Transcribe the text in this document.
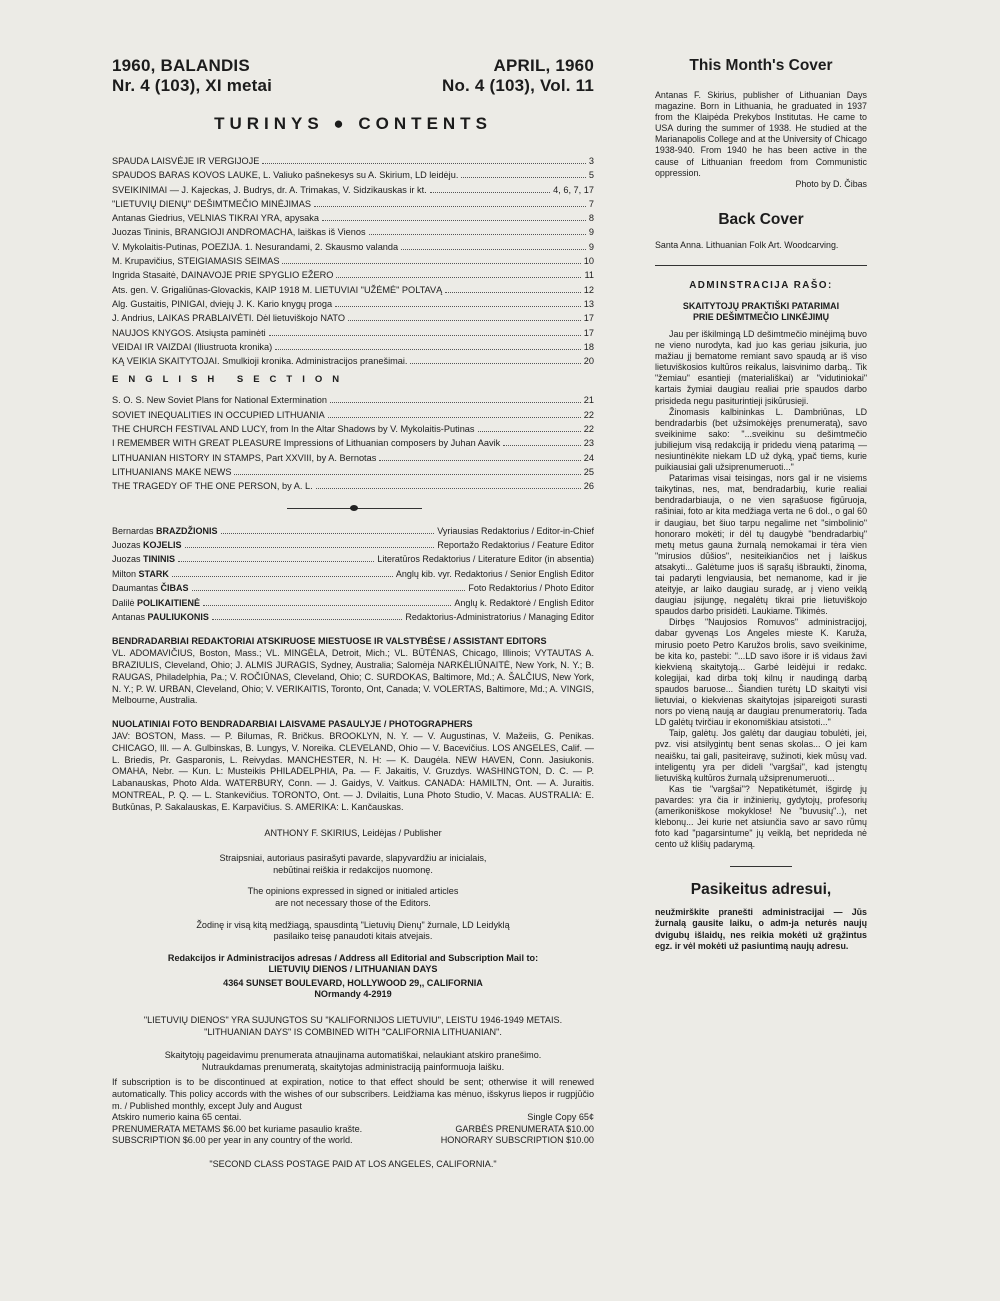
1960, BALANDIS
Nr. 4 (103), XI metai
APRIL, 1960
No. 4 (103), Vol. 11
TURINYS ● CONTENTS
SPAUDA LAISVĖJE IR VERGIJOJE	3
SPAUDOS BARAS KOVOS LAUKE, L. Valiuko pašnekesys su A. Skirium, LD leidėju.	5
SVEIKINIMAI — J. Kajeckas, J. Budrys, dr. A. Trimakas, V. Sidzikauskas ir kt.	4, 6, 7, 17
"LIETUVIŲ DIENŲ" DEŠIMTMEČIO MINĖJIMAS	7
Antanas Giedrius, VELNIAS TIKRAI YRA, apysaka	8
Juozas Tininis, BRANGIOJI ANDROMACHA, laiškas iš Vienos	9
V. Mykolaitis-Putinas, POEZIJA. 1. Nesurandami, 2. Skausmo valanda	9
M. Krupavičius, STEIGIAMASIS SEIMAS	10
Ingrida Stasaitė, DAINAVOJE PRIE SPYGLIO EŽERO	11
Ats. gen. V. Grigaliūnas-Glovackis, KAIP 1918 M. LIETUVIAI "UŽĖMĖ" POLTAVĄ	12
Alg. Gustaitis, PINIGAI, dviejų J. K. Kario knygų proga	13
J. Andrius, LAIKAS PRABLAIVĖTI. Dėl lietuviškojo NATO	17
NAUJOS KNYGOS. Atsiųsta paminėti	17
VEIDAI IR VAIZDAI (Iliustruota kronika)	18
KĄ VEIKIA SKAITYTOJAI. Smulkioji kronika. Administracijos pranešimai.	20
ENGLISH SECTION
S. O. S. New Soviet Plans for National Extermination	21
SOVIET INEQUALITIES IN OCCUPIED LITHUANIA	22
THE CHURCH FESTIVAL AND LUCY, from In the Altar Shadows by V. Mykolaitis-Putinas	22
I REMEMBER WITH GREAT PLEASURE Impressions of Lithuanian composers by Juhan Aavik	23
LITHUANIAN HISTORY IN STAMPS, Part XXVIII, by A. Bernotas	24
LITHUANIANS MAKE NEWS	25
THE TRAGEDY OF THE ONE PERSON, by A. L.	26
Bernardas BRAZDŽIONIS	Vyriausias Redaktorius / Editor-in-Chief
Juozas KOJELIS	Reportažo Redaktorius / Feature Editor
Juozas TININIS	Literatūros Redaktorius / Literature Editor (in absentia)
Milton STARK	Anglų kib. vyr. Redaktorius / Senior English Editor
Daumantas ČIBAS	Foto Redaktorius / Photo Editor
Dalilė POLIKAITIENĖ	Anglų k. Redaktorė / English Editor
Antanas PAULIUKONIS	Redaktorius-Administratorius / Managing Editor
BENDRADARBIAI REDAKTORIAI ATSKIRUOSE MIESTUOSE IR VALSTYBĖSE / ASSISTANT EDITORS
VL. ADOMAVIČIUS, Boston, Mass.; VL. MINGĖLA, Detroit, Mich.; VL. BŪTĖNAS, Chicago, Illinois; VYTAUTAS A. BRAZIULIS, Cleveland, Ohio; J. ALMIS JURAGIS, Sydney, Australia; Salomėja NARKĖLIŪNAITĖ, New York, N. Y.; B. RAUGAS, Philadelphia, Pa.; V. ROČIŪNAS, Cleveland, Ohio; C. SURDOKAS, Baltimore, Md.; A. ŠALČIUS, New York, N. Y.; P. W. URBAN, Cleveland, Ohio; V. VERIKAITIS, Toronto, Ont, Canada; V. VOLERTAS, Baltimore, Md.; A. VINGIS, Melbourne, Australia.
NUOLATINIAI FOTO BENDRADARBIAI LAISVAME PASAULYJE / PHOTOGRAPHERS
JAV: BOSTON, Mass. — P. Bilumas, R. Bričkus. BROOKLYN, N. Y. — V. Augustinas, V. Mažeiis, G. Penikas. CHICAGO, Ill. — A. Gulbinskas, B. Lungys, V. Noreika. CLEVELAND, Ohio — V. Bacevičius. LOS ANGELES, Calif. — L. Briedis, Pr. Gasparonis, L. Reivydas. MANCHESTER, N. H: — K. Daugėla. NEW HAVEN, Conn. Jasiukonis. OMAHA, Nebr. — Kun. L: Musteikis PHILADELPHIA, Pa. — F. Jakaitis, V. Gruzdys. WASHINGTON, D. C. — P. Labanauskas, Photo Alda. WATERBURY, Conn. — J. Gaidys, V. Vaitkus. CANADA: HAMILTN, Ont. — A. Juraitis. MONTREAL, P. Q. — L. Stankevičius. TORONTO, Ont. — J. Dvilaitis, Luna Photo Studio, V. Macas. AUSTRALIA: E. Butkūnas, P. Sakalauskas, E. Karpavičius. S. AMERIKA: L. Kančauskas.
ANTHONY F. SKIRIUS, Leidėjas / Publisher
Straipsniai, autoriaus pasirašyti pavarde, slapyvardžiu ar inicialais,
nebūtinai reiškia ir redakcijos nuomonę.
The opinions expressed in signed or initialed articles
are not necessary those of the Editors.
Žodinę ir visą kitą medžiagą, spausdintą "Lietuvių Dienų" žurnale, LD Leidyklą
pasilaiko teisę panaudoti kitais atvejais.
Redakcijos ir Administracijos adresas / Address all Editorial and Subscription Mail to:
LIETUVIŲ DIENOS / LITHUANIAN DAYS
4364 SUNSET BOULEVARD, HOLLYWOOD 29,, CALIFORNIA
NOrmandy 4-2919
"LIETUVIŲ DIENOS" YRA SUJUNGTOS SU "KALIFORNIJOS LIETUVIU", LEISTU 1946-1949 METAIS.
"LITHUANIAN DAYS" IS COMBINED WITH "CALIFORNIA LITHUANIAN".
Skaitytojų pageidavimu prenumerata atnaujinama automatiškai, nelaukiant atskiro pranešimo.
Nutraukdamas prenumeratą, skaitytojas administraciją painformuoja laišku.
If subscription is to be discontinued at expiration, notice to that effect should be sent; otherwise it will renewed automatically. This policy accords with the wishes of our subscribers. Leidžiama kas mėnuo, išskyrus liepos ir rugpjūčio m. / Published monthly, except July and August
Atskiro numerio kaina 65 centai.	Single Copy 65¢
PRENUMERATA METAMS $6.00 bet kuriame pasaulio krašte.	GARBĖS PRENUMERATA $10.00
SUBSCRIPTION $6.00 per year in any country of the world.	HONORARY SUBSCRIPTION $10.00
"SECOND CLASS POSTAGE PAID AT LOS ANGELES, CALIFORNIA."
This Month's Cover
Antanas F. Skirius, publisher of Lithuanian Days magazine. Born in Lithuania, he graduated in 1937 from the Klaipėda Prekybos Institutas. He came to USA during the summer of 1938. He studied at the Marianapolis College and at the University of Chicago 1938-940. From 1940 he has been active in the cause of Lithuanian freedom from Communistic oppression.
Photo by D. Čibas
Back Cover
Santa Anna. Lithuanian Folk Art. Woodcarving.
ADMINSTRACIJA RAŠO:
SKAITYTOJŲ PRAKTIŠKI PATARIMAI
PRIE DEŠIMTMEČIO LINKĖJIMŲ

Jau per iškilmingą LD dešimtmečio minėjimą buvo ne vieno nurodyta, kad juo kas geriau įsikuria, juo mažiau jį bematome remiant savo spaudą ar iš viso lietuviškosios kultūros reikalus, laisvinimo darbą.. Tik "žemiau" esantieji (materiališkai) ar "vidutiniokai" kartais žymiai daugiau realiai prie spaudos darbo prisideda negu pasiturintieji įsikūrusieji.

Žinomasis kalbininkas L. Dambriūnas, LD bendradarbis (bet užsimokėjęs prenumeratą), savo sveikinime sako: "...sveikinu su dešimtmečio jubiliejum visą redakciją ir pridedu vieną patarimą —nesiuntinėkite niekam LD už dyką, ypač tiems, kurie puikiausiai gali užsiprenumeruoti..."

Patarimas visai teisingas, nors gal ir ne visiems taikytinas, nes, mat, bendradarbių, kurie realiai bendradarbiauja, o ne vien sąrašuose figūruoja, rašiniai, foto ar kita medžiaga verta ne 6 dol., o gal 60 ir daugiau, bet šiuo tarpu negalime net "simbolinio" honoraro mokėti; ir dėl tų daugybė "bendradarbių" metų metus gauna žurnalą nemokamai ir tėra vien "mirusios dūšios", nesiteikiančios net į laiškus atsakyti... Galėtume juos iš sąrašų išbraukti, žinoma, tai padaryti lengviausia, bet nemanome, kad ir jie ateityje, ar laiko daugiau suradę, ar į vieno veiklą daugiau įsijungę, negalėtų tikrai prie lietuviškojo spaudos darbo prisidėti. Laukiame. Tikimės.

Dirbęs "Naujosios Romuvos" administracijoj, dabar gyvenąs Los Angeles mieste K. Karuža, mirusio poeto Petro Karužos brolis, savo sveikinime, be kita ko, pastebi: "...LD savo išore ir iš vidaus žavi kiekvieną skaitytoją... Garbė leidėjui ir redakc. kolegijai, kad dirba tokį kilnų ir naudingą darbą spaudos baruose... Šiandien turėtų LD skaityti visi lietuviai, o kiekvienas skaitytojas įsipareigoti surasti nors po vieną naują ar daugiau prenumeratorių. Tada LD galėtų tvirčiau ir ekonomiškiau atsistoti..."

Taip, galėtų. Jos galėtų dar daugiau tobulėti, jei, pvz. visi atsilygintų bent senas skolas... O jei kam neaišku, tai gali, pasiteiravę, sužinoti, kiek mūsų vad. inteligentų yra per dideli "vargšai", kad įstengtų lietuvišką kultūros žurnalą užsiprenumeruoti...

Kas tie "vargšai"? Nepatikėtumėt, išgirdę jų pavardes: yra čia ir inžinierių, gydytojų, profesorių (amerikoniškose mokyklose! Ne "buvusių"..), net klebonų... Jei kurie net atsiunčia savo ar savo rūmų foto kad "pagarsintume" jų veiklą, bet neprideda nė cento už klišių padarymą.

Pasikeitus adresui,
neužmirškite pranešti administracijai — Jūs žurnalą gausite laiku, o adm-ja neturės naujų dvigubų išlaidų, nes reikia mokėti už grąžintus egz. ir vėl mokėti už pasiuntimą naujų adresu.
